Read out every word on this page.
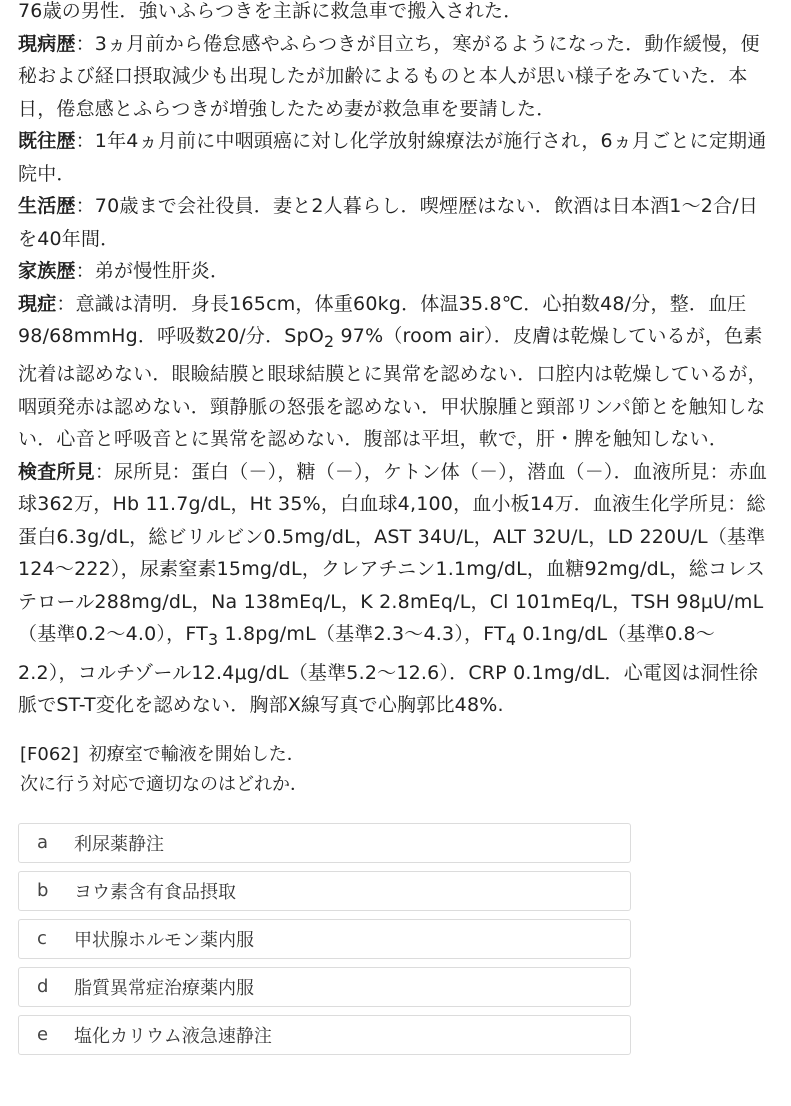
76歳の男性．強いふらつきを主訴に救急車で搬入された．

現病歴：3ヵ月前から倦怠感やふらつきが目立ち，寒がるようになった．動作緩慢，便秘および経口摂取減少も出現したが加齢によるものと本人が思い様子をみていた．本日，倦怠感とふらつきが増強したため妻が救急車を要請した．

既往歴：1年4ヵ月前に中咽頭癌に対し化学放射線療法が施行され，6ヵ月ごとに定期通院中．

生活歴：70歳まで会社役員．妻と2人暮らし．喫煙歴はない．飲酒は日本酒1～2合/日を40年間．

家族歴：弟が慢性肝炎．

現症：意識は清明．身長165cm，体重60kg．体温35.8℃．心拍数48/分，整．血圧98/68mmHg．呼吸数20/分．SpO$_2$ 97%（room air）．皮膚は乾燥しているが，色素沈着は認めない．眼瞼結膜と眼球結膜とに異常を認めない．口腔内は乾燥しているが，咽頭発赤は認めない．頸静脈の怒張を認めない．甲状腺腫と頸部リンパ節とを触知しない．心音と呼吸音とに異常を認めない．腹部は平坦，軟で，肝・脾を触知しない．

検査所見：尿所見：蛋白（－），糖（－），ケトン体（－），潜血（－）．血液所見：赤血球362万，Hb 11.7g/dL，Ht 35%，白血球4,100，血小板14万．血液生化学所見：総蛋白6.3g/dL，総ビリルビン0.5mg/dL，AST 34U/L，ALT 32U/L，LD 220U/L（基準124～222），尿素窒素15mg/dL，クレアチニン1.1mg/dL，血糖92mg/dL，総コレステロール288mg/dL，Na 138mEq/L，K 2.8mEq/L，Cl 101mEq/L，TSH 98μU/mL（基準0.2～4.0），$FT_3$ 1.8pg/mL（基準2.3～4.3），$FT_4$ 0.1ng/dL（基準0.8～2.2），コルチゾール12.4μg/dL（基準5.2～12.6）．CRP 0.1mg/dL．心電図は洞性徐脈でST-T変化を認めない．胸部X線写真で心胸郭比48%.

[F062] 初療室で輸液を開始した．

次に行う対応で適切なのはどれか．

a	利尿薬静注
b	ヨウ素含有食品摂取
c	甲状腺ホルモン薬内服
d	脂質異常症治療薬内服
e	塩化カリウム液急速静注
